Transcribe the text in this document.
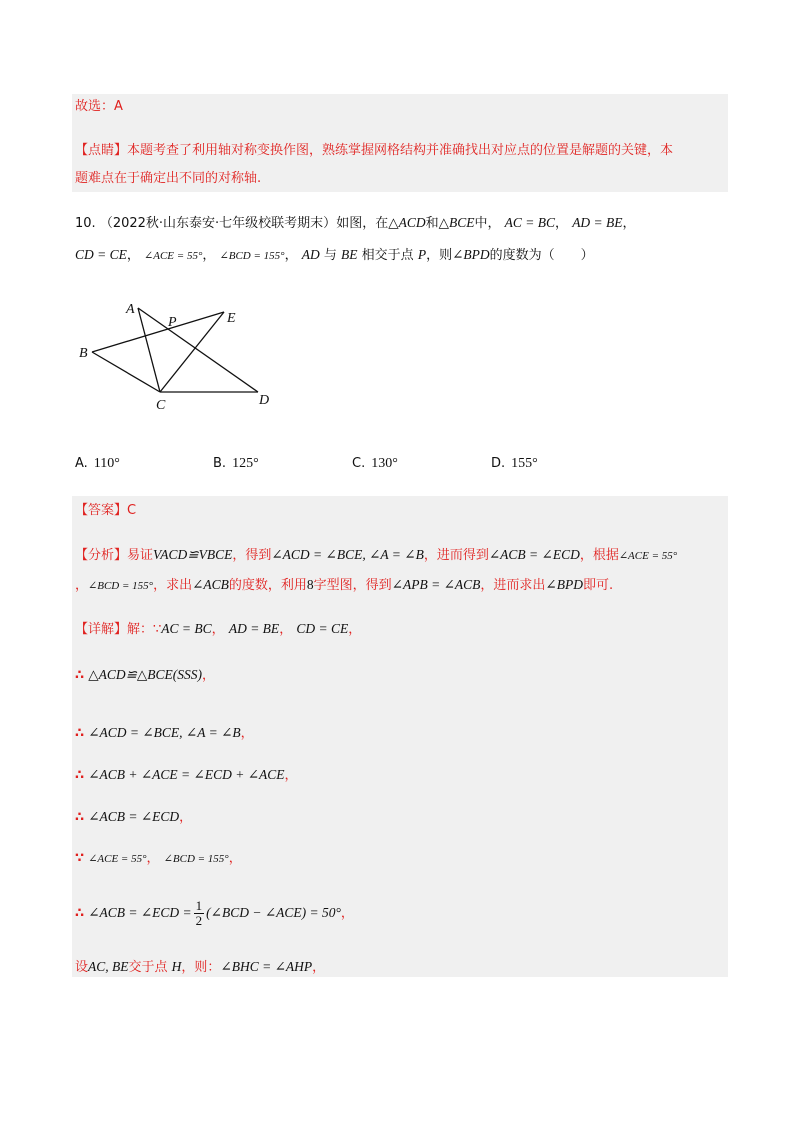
故选：A
【点睛】本题考查了利用轴对称变换作图，熟练掌握网格结构并准确找出对应点的位置是解题的关键，本
题难点在于确定出不同的对称轴.
10. （2022秋·山东泰安·七年级校联考期末）如图，在△ACD和△BCE中， AC = BC， AD = BE，
CD = CE， ∠ACE = 55°， ∠BCD = 155°， AD 与 BE 相交于点 P，则∠BPD的度数为（　　）
A
P	E
B
C	D
A. 110°	B. 125°	C. 130°	D. 155°
【答案】C
【分析】易证VACD≌VBCE，得到∠ACD = ∠BCE, ∠A = ∠B，进而得到∠ACB = ∠ECD，根据∠ACE = 55°
，∠BCD = 155°，求出∠ACB的度数，利用8字型图，得到∠APB = ∠ACB，进而求出∠BPD即可.
【详解】解：∵AC = BC， AD = BE， CD = CE，
∴ △ACD≌△BCE(SSS)，
∴ ∠ACD = ∠BCE, ∠A = ∠B，
∴ ∠ACB + ∠ACE = ∠ECD + ∠ACE，
∴ ∠ACB = ∠ECD，
∵ ∠ACE = 55°， ∠BCD = 155°，
∴ ∠ACB = ∠ECD = $\frac{1}{2}$ (∠BCD − ∠ACE) = 50°，
设AC, BE交于点 H，则：∠BHC = ∠AHP，
